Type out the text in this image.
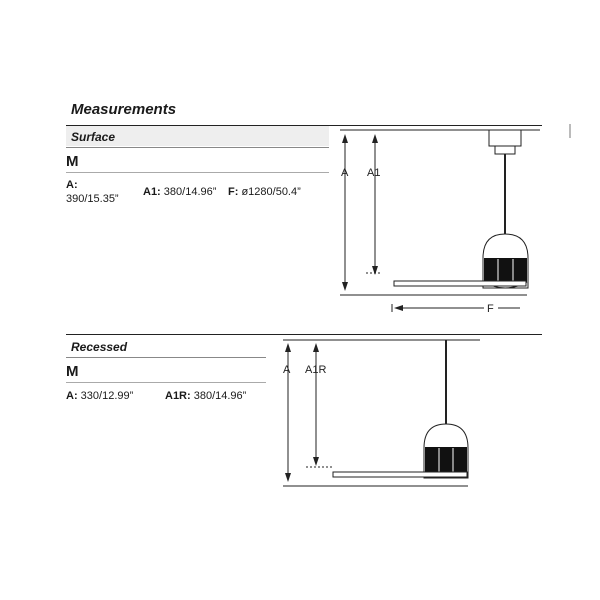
Measurements
Surface
M
A:
390/15.35”
A1: 380/14.96” F: ø1280/50.4”
A A1
F
Recessed
M
A: 330/12.99”	A1R: 380/14.96”
A A1R
